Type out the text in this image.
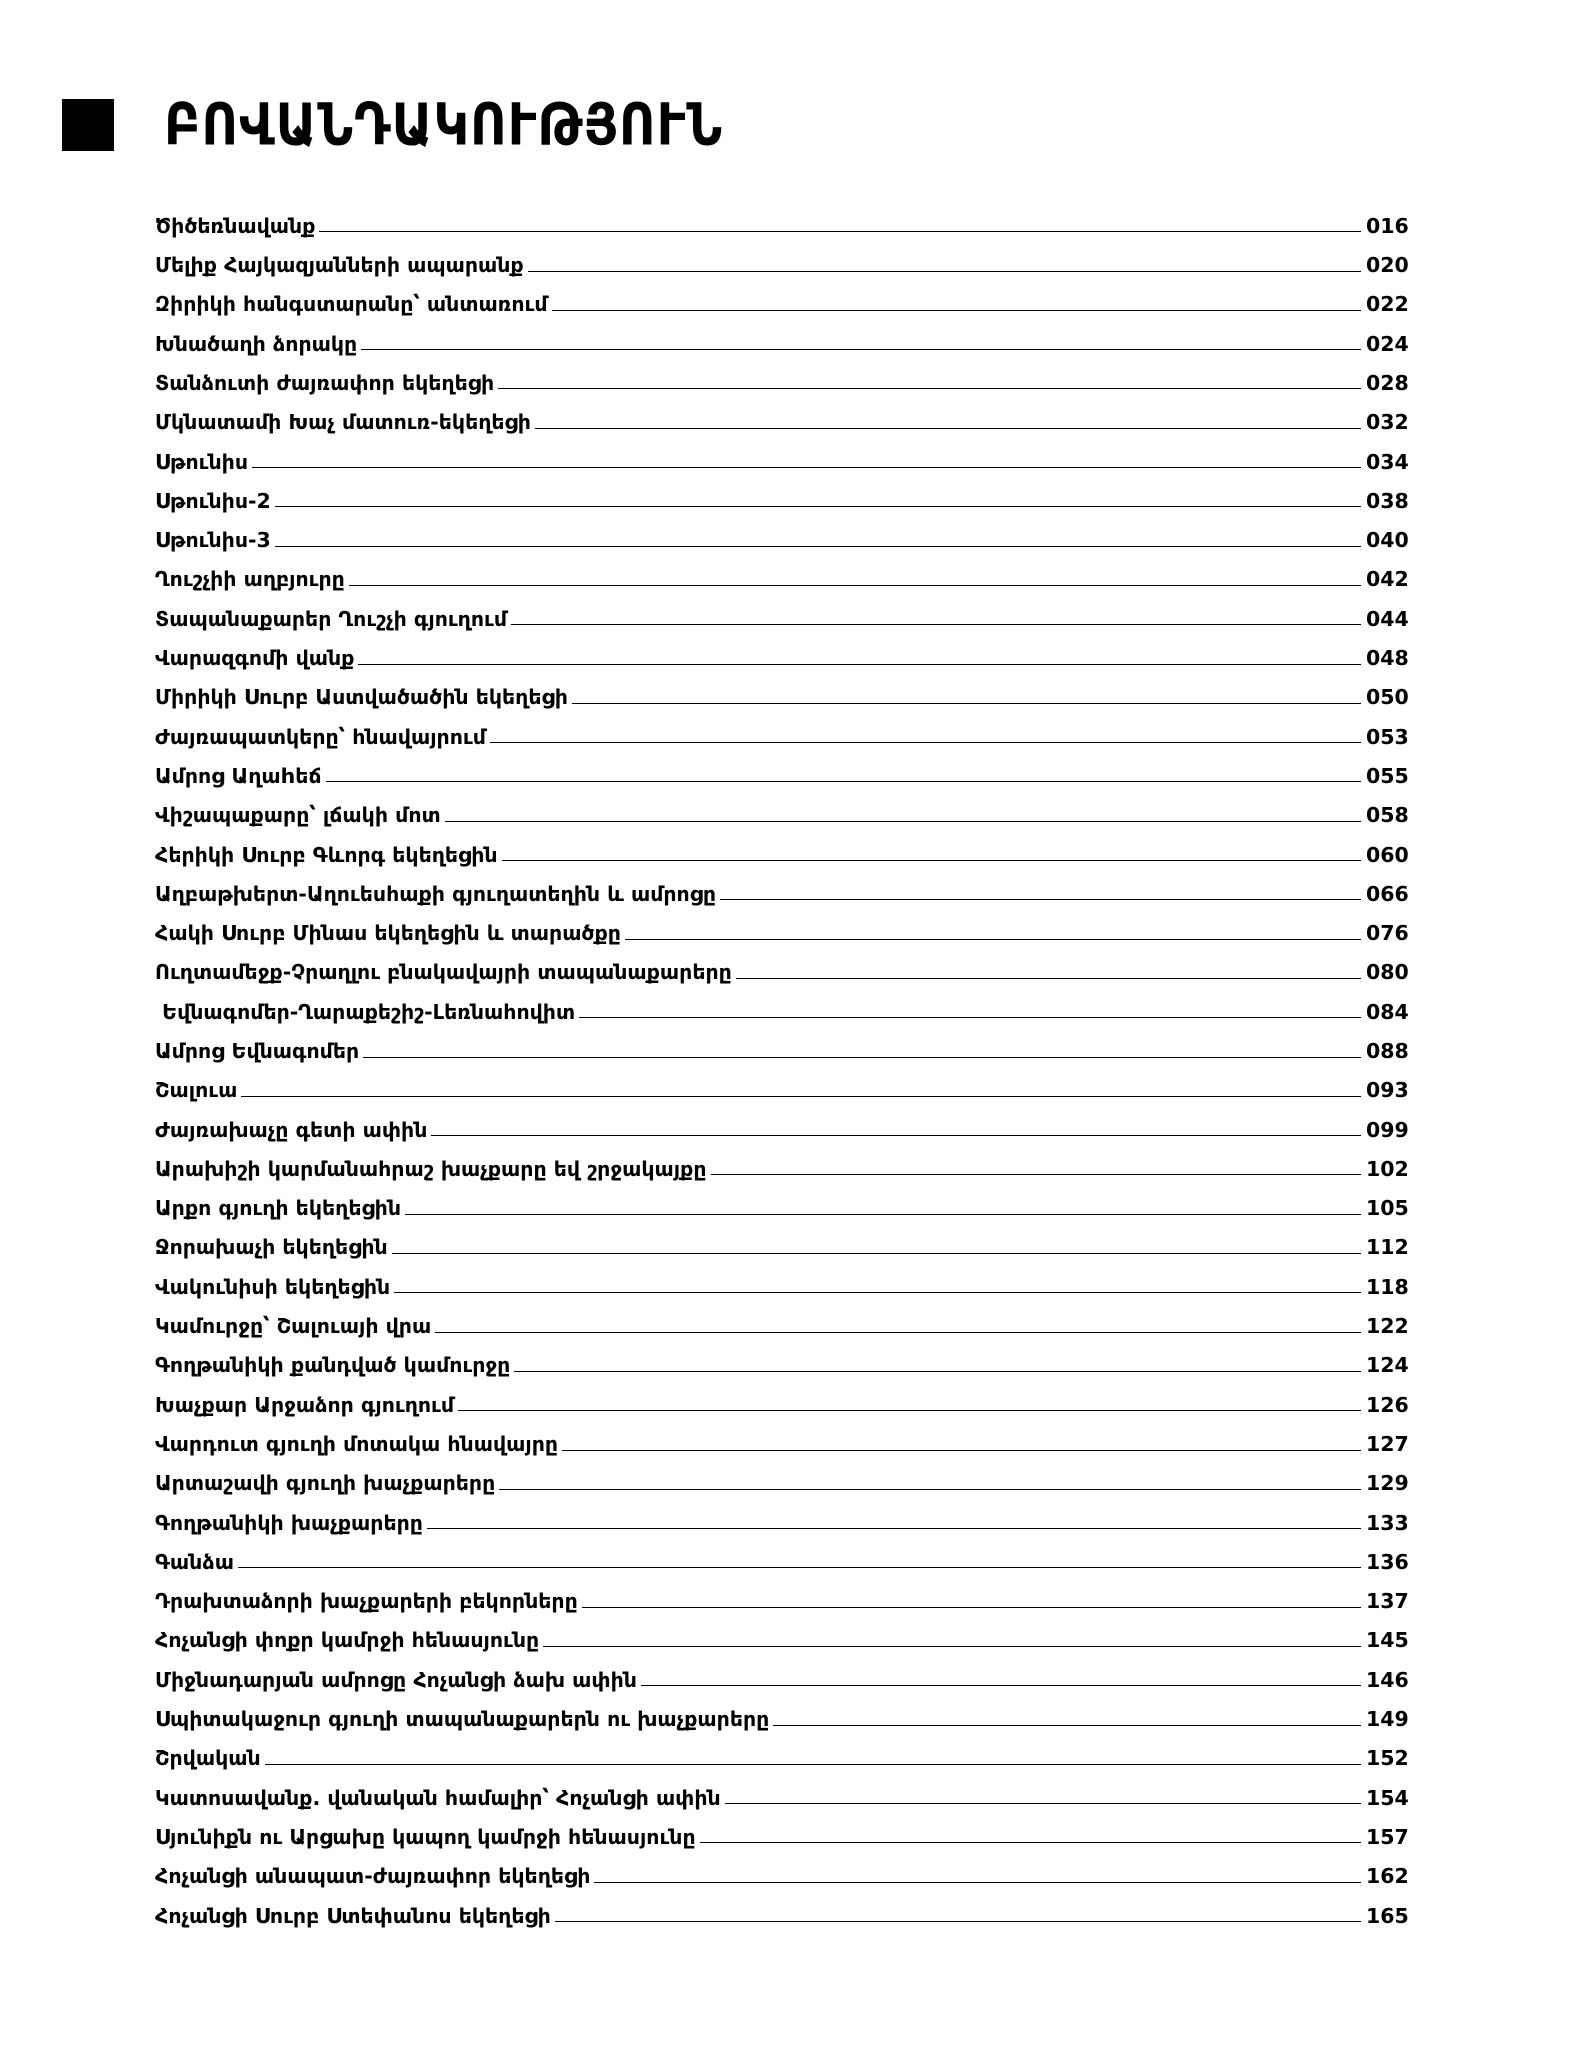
ԲՈՎԱՆԴԱԿՈՒԹՅՈՒՆ
Ծիծեռնավանք	016
Մելիք Հայկազյանների ապարանք	020
Զիրիկի հանգստարանը՝ անտառում	022
Խնածաղի ձորակը	024
Տանձուտի ժայռափոր եկեղեցի	028
Մկնատամի Խաչ մատուռ-եկեղեցի	032
Սթունիս	034
Սթունիս-2	038
Սթունիս-3	040
Ղուշչիի աղբյուրը	042
Տապանաքարեր Ղուշչի գյուղում	044
Վարազգոմի վանք	048
Միրիկի Սուրբ Աստվածածին եկեղեցի	050
Ժայռապատկերը՝ հնավայրում	053
Ամրոց Աղաhեճ	055
Վիշապաքարը՝ լճակի մոտ	058
Հերիկի Սուրբ Գևորգ եկեղեցին	060
Աղբաթխերտ-Աղուեսհաքի գյուղատեղին և ամրոցը	066
Հակի Սուրբ Մինաս եկեղեցին և տարածքը	076
Ուղտամեջք-Չրաղլու բնակավայրի տապանաքարերը	080
Եվնագոմեր-Ղարաքեշիշ-Լեռնահովիտ	084
Ամրոց Եվնագոմեր	088
Շալուա	093
Ժայռախաչը գետի ափին	099
Արախիշի կարմանահրաշ խաչքարը եվ շրջակայքը	102
Արքո գյուղի եկեղեցին	105
Ջորախաչի եկեղեցին	112
Վակունիսի եկեղեցին	118
Կամուրջը՝ Շալուայի վրա	122
Գողթանիկի քանդված կամուրջը	124
Խաչքար Արջաձոր գյուղում	126
Վարդուտ գյուղի մոտակա հնավայրը	127
Արտաշավի գյուղի խաչքարերը	129
Գողթանիկի խաչքարերը	133
Գանձա	136
Դրախտաձորի խաչքարերի բեկորները	137
Հոչանցի փոքր կամրջի հենասյունը	145
Միջնադարյան ամրոցը Հոչանցի ձախ ափին	146
Սպիտակաջուր գյուղի տապանաքարերն ու խաչքարերը	149
Շրվական	152
Կատոսավանք. վանական համալիր՝ Հոչանցի ափին	154
Սյունիքն ու Արցախը կապող կամրջի հենասյունը	157
Հոչանցի անապատ-ժայռափոր եկեղեցի	162
Հոչանցի Սուրբ Ստեփանոս եկեղեցի	165
